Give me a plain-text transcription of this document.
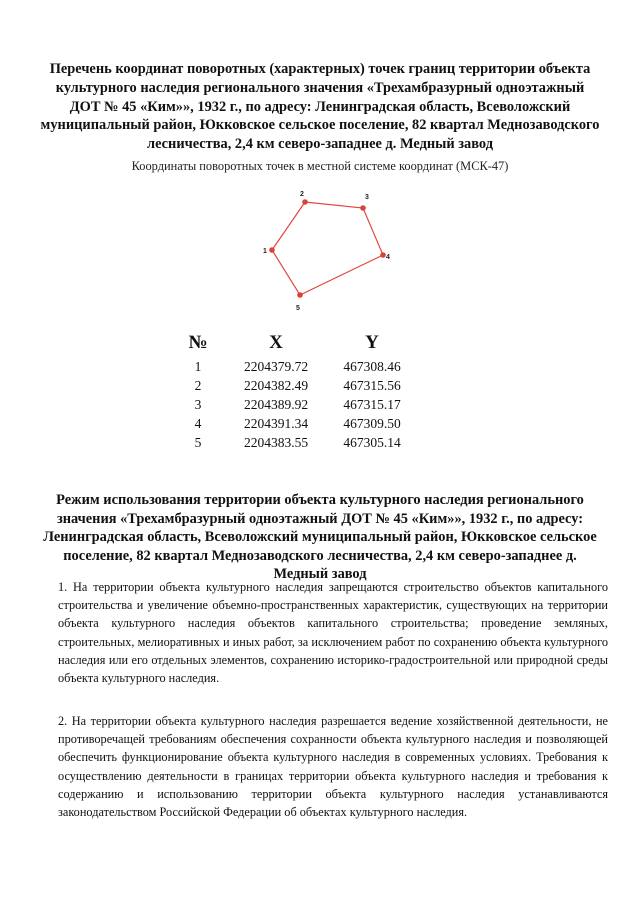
Перечень координат поворотных (характерных) точек границ территории объекта культурного наследия регионального значения «Трехамбразурный одноэтажный ДОТ № 45 «Ким»», 1932 г., по адресу: Ленинградская область, Всеволожский муниципальный район, Юкковское сельское поселение, 82 квартал Меднозаводского лесничества, 2,4 км северо-западнее д. Медный завод
Координаты поворотных точек в местной системе координат (МСК-47)
1
2	3
4
5
№	X	Y
1	2204379.72	467308.46
2	2204382.49	467315.56
3	2204389.92	467315.17
4	2204391.34	467309.50
5	2204383.55	467305.14
Режим использования территории объекта культурного наследия регионального значения «Трехамбразурный одноэтажный ДОТ № 45 «Ким»», 1932 г., по адресу: Ленинградская область, Всеволожский муниципальный район, Юкковское сельское поселение, 82 квартал Меднозаводского лесничества, 2,4 км северо-западнее д. Медный завод

1. На территории объекта культурного наследия запрещаются строительство объектов капитального строительства и увеличение объемно-пространственных характеристик, существующих на территории объекта культурного наследия объектов капитального строительства; проведение земляных, строительных, мелиоративных и иных работ, за исключением работ по сохранению объекта культурного наследия или его отдельных элементов, сохранению историко-градостроительной или природной среды объекта культурного наследия.

2. На территории объекта культурного наследия разрешается ведение хозяйственной деятельности, не противоречащей требованиям обеспечения сохранности объекта культурного наследия и позволяющей обеспечить функционирование объекта культурного наследия в современных условиях. Требования к осуществлению деятельности в границах территории объекта культурного наследия и требования к содержанию и использованию территории объекта культурного наследия устанавливаются законодательством Российской Федерации об объектах культурного наследия.
